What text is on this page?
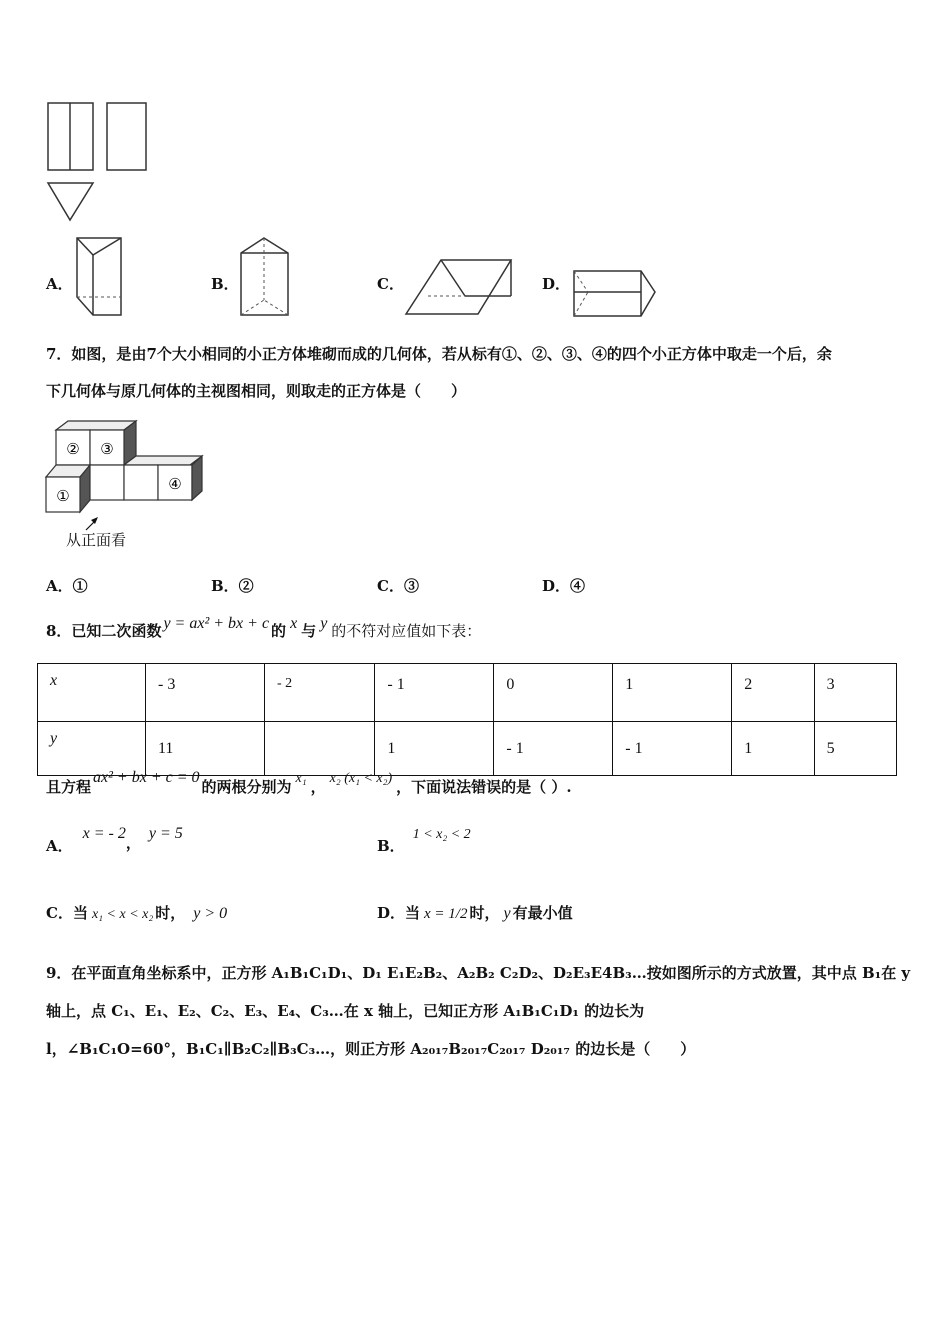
A．	B．	C．	D．
7．如图，是由7个大小相同的小正方体堆砌而成的几何体，若从标有①、②、③、④的四个小正方体中取走一个后，余
下几何体与原几何体的主视图相同，则取走的正方体是（　　）
② ③
①
④
从正面看
A．①	B．②	C．③	D．④
8．已知二次函数 y = ax² + bx + c 的 x 与 y 的不符对应值如下表：
x	- 3	- 2	- 1	0	1	2	3
y	11		1	- 1	- 1	1	5
且方程ax² + bx + c = 0的两根分别为 x₁ ， x₂ (x₁ < x₂) ，下面说法错误的是（ ）.
A．x = - 2，y = 5
B．1 < x₂ < 2
C．当 x₁ < x < x₂ 时， y > 0	D．当 x = 1/2 时， y 有最小值
9．在平面直角坐标系中，正方形 A₁B₁C₁D₁、D₁ E₁E₂B₂、A₂B₂ C₂D₂、D₂E₃E4B₃…按如图所示的方式放置，其中点 B₁在 y
轴上，点 C₁、E₁、E₂、C₂、E₃、E₄、C₃…在 x 轴上，已知正方形 A₁B₁C₁D₁ 的边长为
l，∠B₁C₁O=60°，B₁C₁∥B₂C₂∥B₃C₃…，则正方形 A₂₀₁₇B₂₀₁₇C₂₀₁₇ D₂₀₁₇ 的边长是（　　）
